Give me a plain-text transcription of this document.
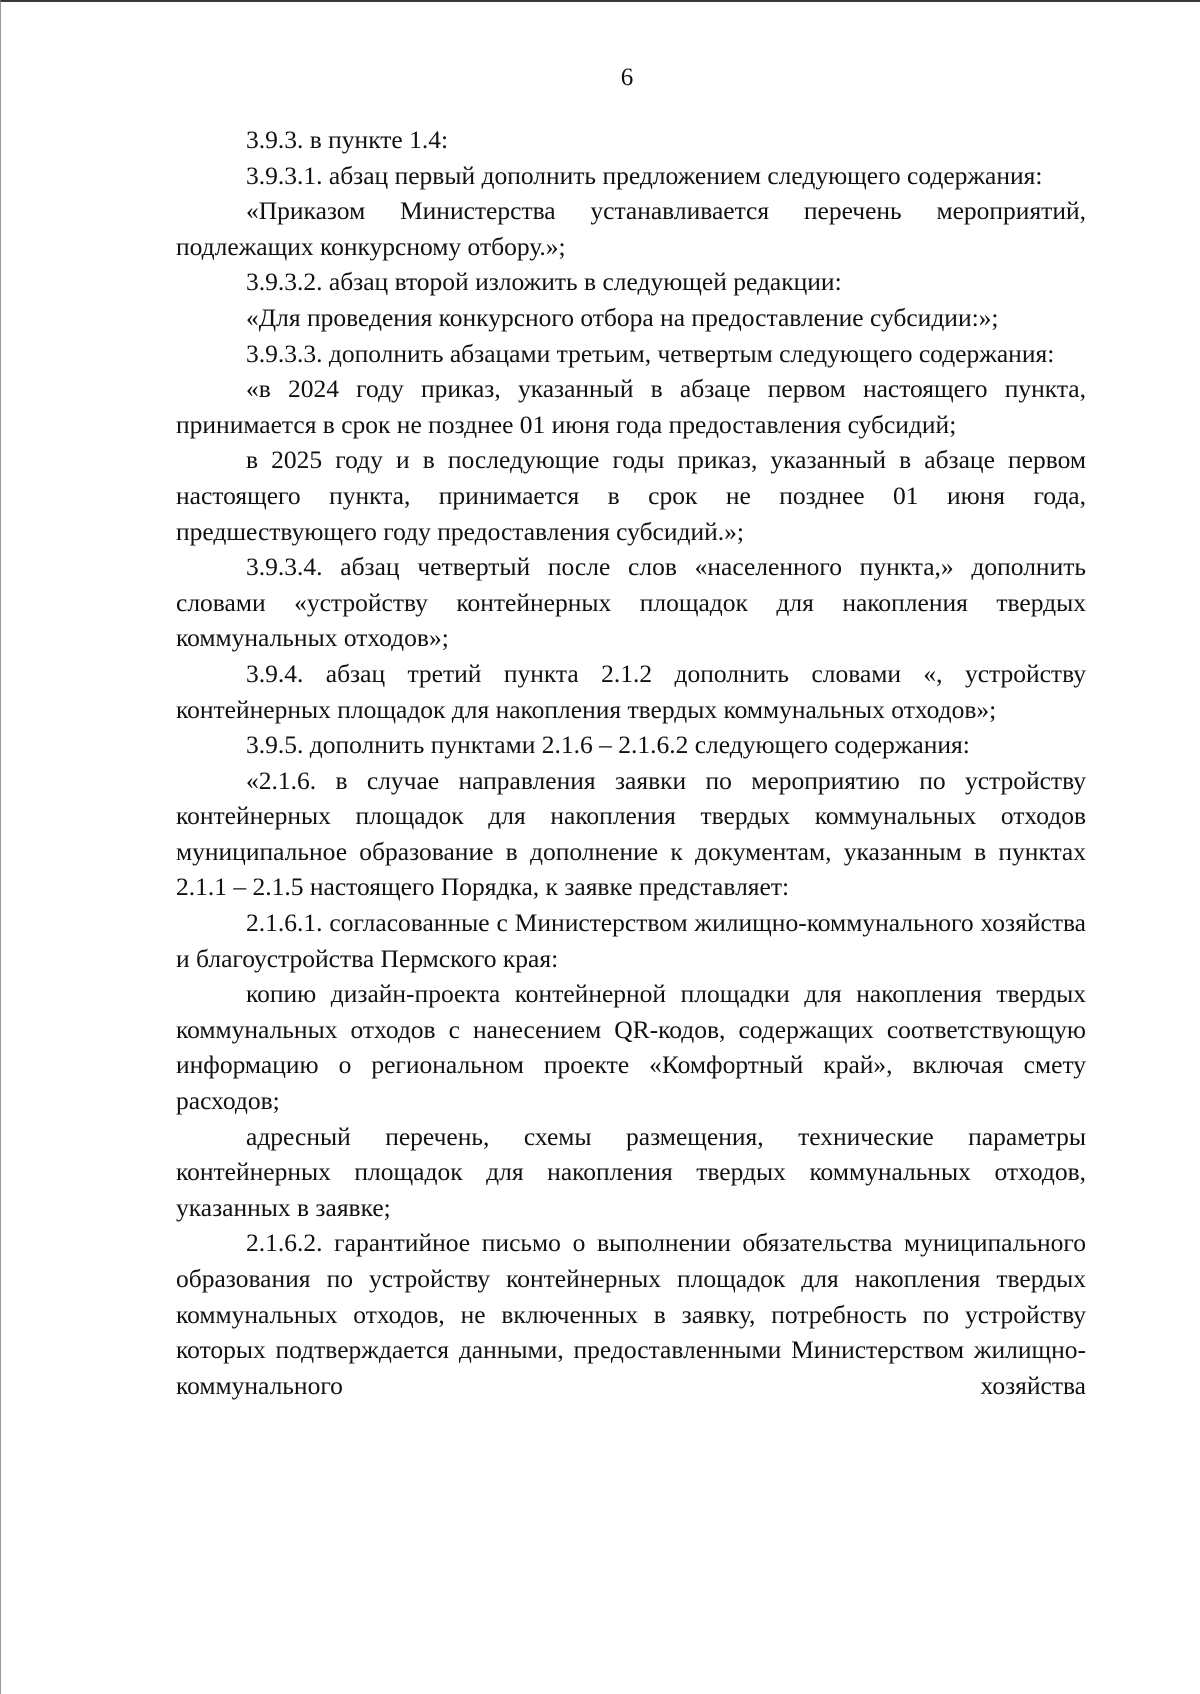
6

3.9.3. в пункте 1.4:

3.9.3.1. абзац первый дополнить предложением следующего содержания:

«Приказом Министерства устанавливается перечень мероприятий, подлежащих конкурсному отбору.»;

3.9.3.2. абзац второй изложить в следующей редакции:

«Для проведения конкурсного отбора на предоставление субсидии:»;

3.9.3.3. дополнить абзацами третьим, четвертым следующего содержания:

«в 2024 году приказ, указанный в абзаце первом настоящего пункта, принимается в срок не позднее 01 июня года предоставления субсидий;

в 2025 году и в последующие годы приказ, указанный в абзаце первом настоящего пункта, принимается в срок не позднее 01 июня года, предшествующего году предоставления субсидий.»;

3.9.3.4. абзац четвертый после слов «населенного пункта,» дополнить словами «устройству контейнерных площадок для накопления твердых коммунальных отходов»;

3.9.4. абзац третий пункта 2.1.2 дополнить словами «, устройству контейнерных площадок для накопления твердых коммунальных отходов»;

3.9.5. дополнить пунктами 2.1.6 – 2.1.6.2 следующего содержания:

«2.1.6. в случае направления заявки по мероприятию по устройству контейнерных площадок для накопления твердых коммунальных отходов муниципальное образование в дополнение к документам, указанным в пунктах 2.1.1 – 2.1.5 настоящего Порядка, к заявке представляет:

2.1.6.1. согласованные с Министерством жилищно-коммунального хозяйства и благоустройства Пермского края:

копию дизайн-проекта контейнерной площадки для накопления твердых коммунальных отходов с нанесением QR-кодов, содержащих соответствующую информацию о региональном проекте «Комфортный край», включая смету расходов;

адресный перечень, схемы размещения, технические параметры контейнерных площадок для накопления твердых коммунальных отходов, указанных в заявке;

2.1.6.2. гарантийное письмо о выполнении обязательства муниципального образования по устройству контейнерных площадок для накопления твердых коммунальных отходов, не включенных в заявку, потребность по устройству которых подтверждается данными, предоставленными Министерством жилищно-коммунального хозяйства
